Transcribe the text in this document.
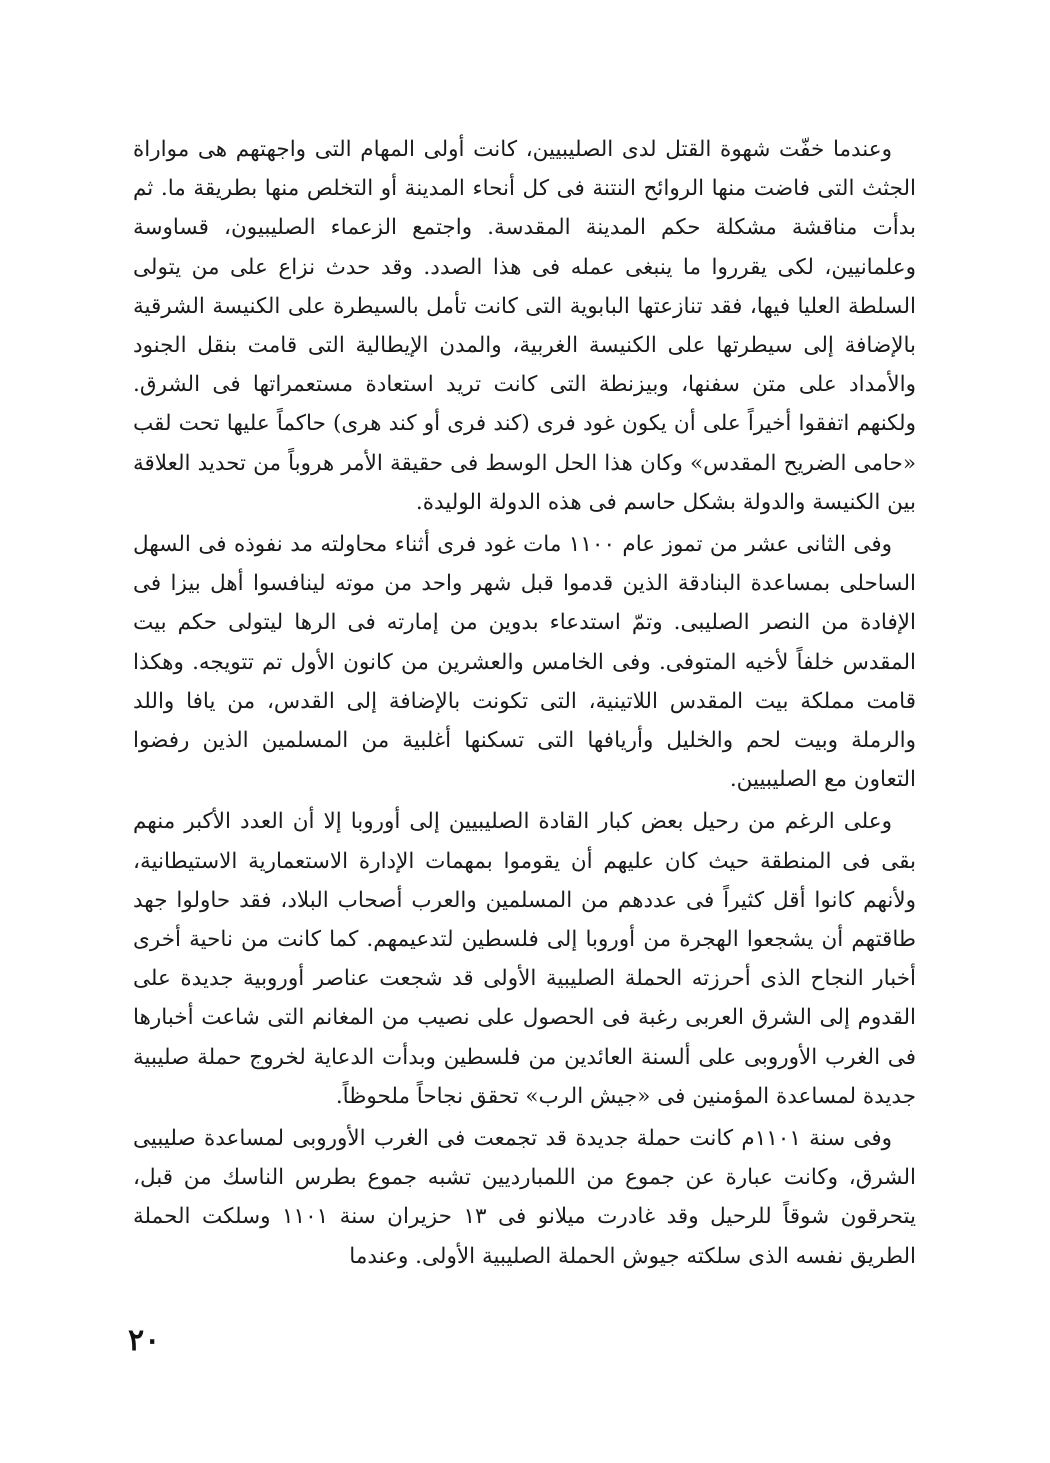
وعندما خفّت شهوة القتل لدى الصليبيين، كانت أولى المهام التى واجهتهم هى مواراة الجثث التى فاضت منها الروائح النتنة فى كل أنحاء المدينة أو التخلص منها بطريقة ما. ثم بدأت مناقشة مشكلة حكم المدينة المقدسة. واجتمع الزعماء الصليبيون، قساوسة وعلمانيين، لكى يقرروا ما ينبغى عمله فى هذا الصدد. وقد حدث نزاع على من يتولى السلطة العليا فيها، فقد تنازعتها البابوية التى كانت تأمل بالسيطرة على الكنيسة الشرقية بالإضافة إلى سيطرتها على الكنيسة الغربية، والمدن الإيطالية التى قامت بنقل الجنود والأمداد على متن سفنها، وبيزنطة التى كانت تريد استعادة مستعمراتها فى الشرق. ولكنهم اتفقوا أخيراً على أن يكون غود فرى (كند فرى أو كند هرى) حاكماً عليها تحت لقب «حامى الضريح المقدس» وكان هذا الحل الوسط فى حقيقة الأمر هروباً من تحديد العلاقة بين الكنيسة والدولة بشكل حاسم فى هذه الدولة الوليدة.

وفى الثانى عشر من تموز عام ١١٠٠ مات غود فرى أثناء محاولته مد نفوذه فى السهل الساحلى بمساعدة البنادقة الذين قدموا قبل شهر واحد من موته لينافسوا أهل بيزا فى الإفادة من النصر الصليبى. وتمّ استدعاء بدوين من إمارته فى الرها ليتولى حكم بيت المقدس خلفاً لأخيه المتوفى. وفى الخامس والعشرين من كانون الأول تم تتويجه. وهكذا قامت مملكة بيت المقدس اللاتينية، التى تكونت بالإضافة إلى القدس، من يافا واللد والرملة وبيت لحم والخليل وأريافها التى تسكنها أغلبية من المسلمين الذين رفضوا التعاون مع الصليبيين.

وعلى الرغم من رحيل بعض كبار القادة الصليبيين إلى أوروبا إلا أن العدد الأكبر منهم بقى فى المنطقة حيث كان عليهم أن يقوموا بمهمات الإدارة الاستعمارية الاستيطانية، ولأنهم كانوا أقل كثيراً فى عددهم من المسلمين والعرب أصحاب البلاد، فقد حاولوا جهد طاقتهم أن يشجعوا الهجرة من أوروبا إلى فلسطين لتدعيمهم. كما كانت من ناحية أخرى أخبار النجاح الذى أحرزته الحملة الصليبية الأولى قد شجعت عناصر أوروبية جديدة على القدوم إلى الشرق العربى رغبة فى الحصول على نصيب من المغانم التى شاعت أخبارها فى الغرب الأوروبى على ألسنة العائدين من فلسطين وبدأت الدعاية لخروج حملة صليبية جديدة لمساعدة المؤمنين فى «جيش الرب» تحقق نجاحاً ملحوظاً.

وفى سنة ١١٠١م كانت حملة جديدة قد تجمعت فى الغرب الأوروبى لمساعدة صليبيى الشرق، وكانت عبارة عن جموع من اللمبارديين تشبه جموع بطرس الناسك من قبل، يتحرقون شوقاً للرحيل وقد غادرت ميلانو فى ١٣ حزيران سنة ١١٠١ وسلكت الحملة الطريق نفسه الذى سلكته جيوش الحملة الصليبية الأولى. وعندما

٢٠
